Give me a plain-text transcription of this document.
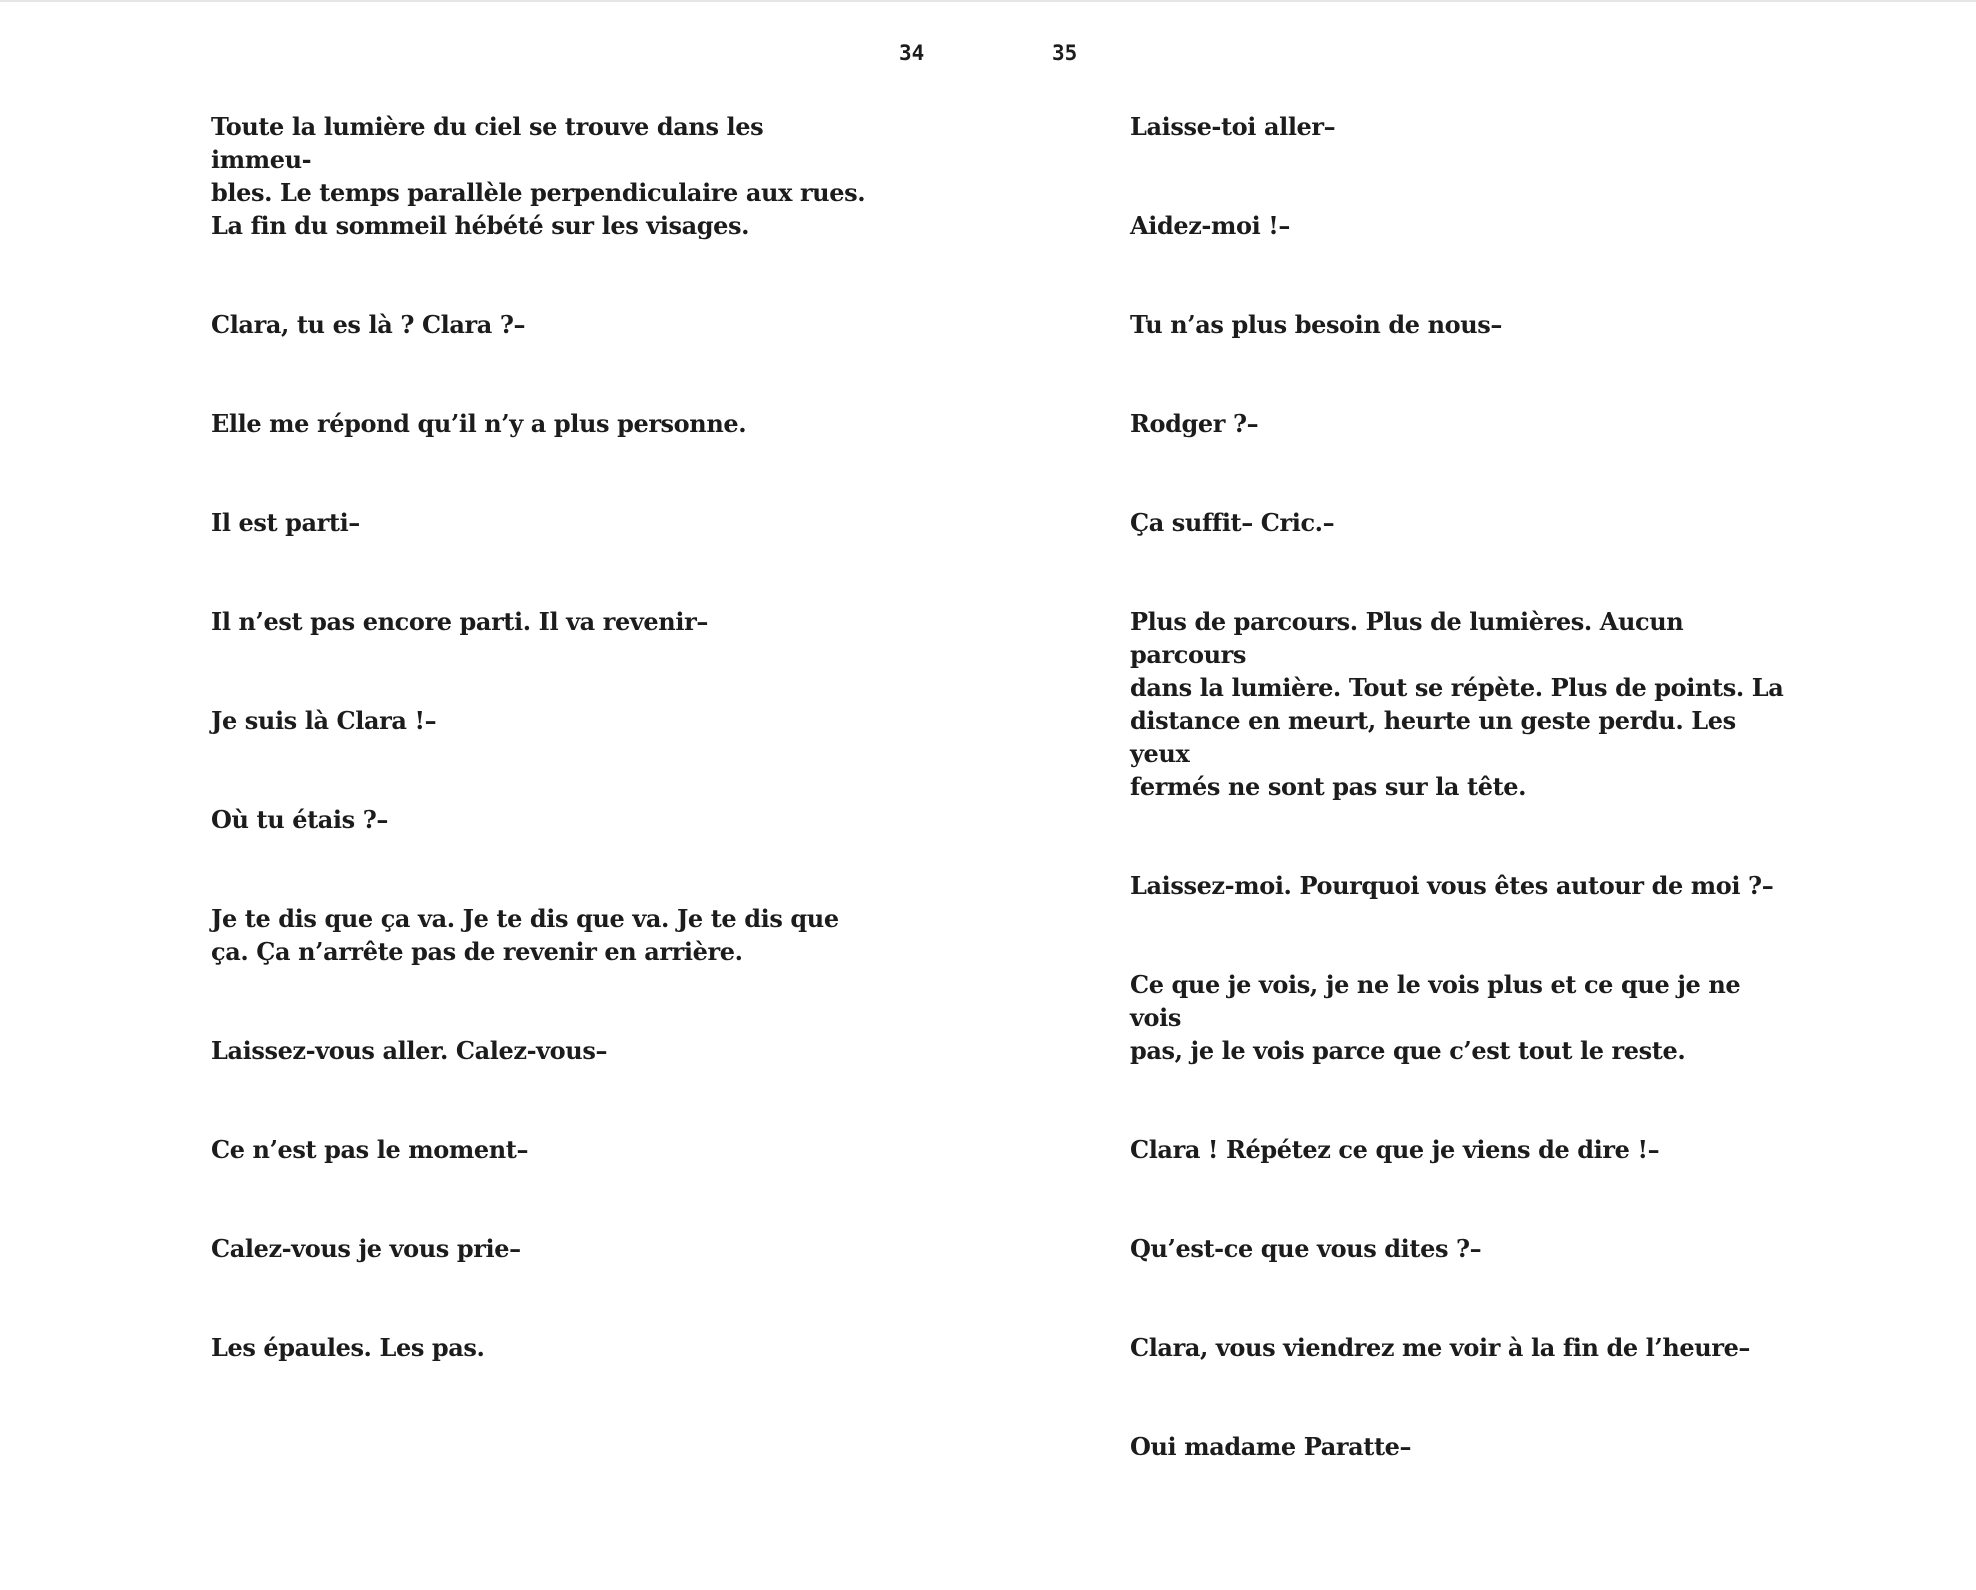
34	35

Toute la lumière du ciel se trouve dans les immeu-
bles. Le temps parallèle perpendiculaire aux rues.
La fin du sommeil hébété sur les visages.

Clara, tu es là ? Clara ?–

Elle me répond qu’il n’y a plus personne.

Il est parti–

Il n’est pas encore parti. Il va revenir–

Je suis là Clara !–

Où tu étais ?–

Je te dis que ça va. Je te dis que va. Je te dis que
ça. Ça n’arrête pas de revenir en arrière.

Laissez-vous aller. Calez-vous–

Ce n’est pas le moment–

Calez-vous je vous prie–

Les épaules. Les pas.

Laisse-toi aller–

Aidez-moi !–

Tu n’as plus besoin de nous–

Rodger ?–

Ça suffit– Cric.–

Plus de parcours. Plus de lumières. Aucun parcours
dans la lumière. Tout se répète. Plus de points. La
distance en meurt, heurte un geste perdu. Les yeux
fermés ne sont pas sur la tête.

Laissez-moi. Pourquoi vous êtes autour de moi ?–

Ce que je vois, je ne le vois plus et ce que je ne vois
pas, je le vois parce que c’est tout le reste.

Clara ! Répétez ce que je viens de dire !–

Qu’est-ce que vous dites ?–

Clara, vous viendrez me voir à la fin de l’heure–

Oui madame Paratte–
